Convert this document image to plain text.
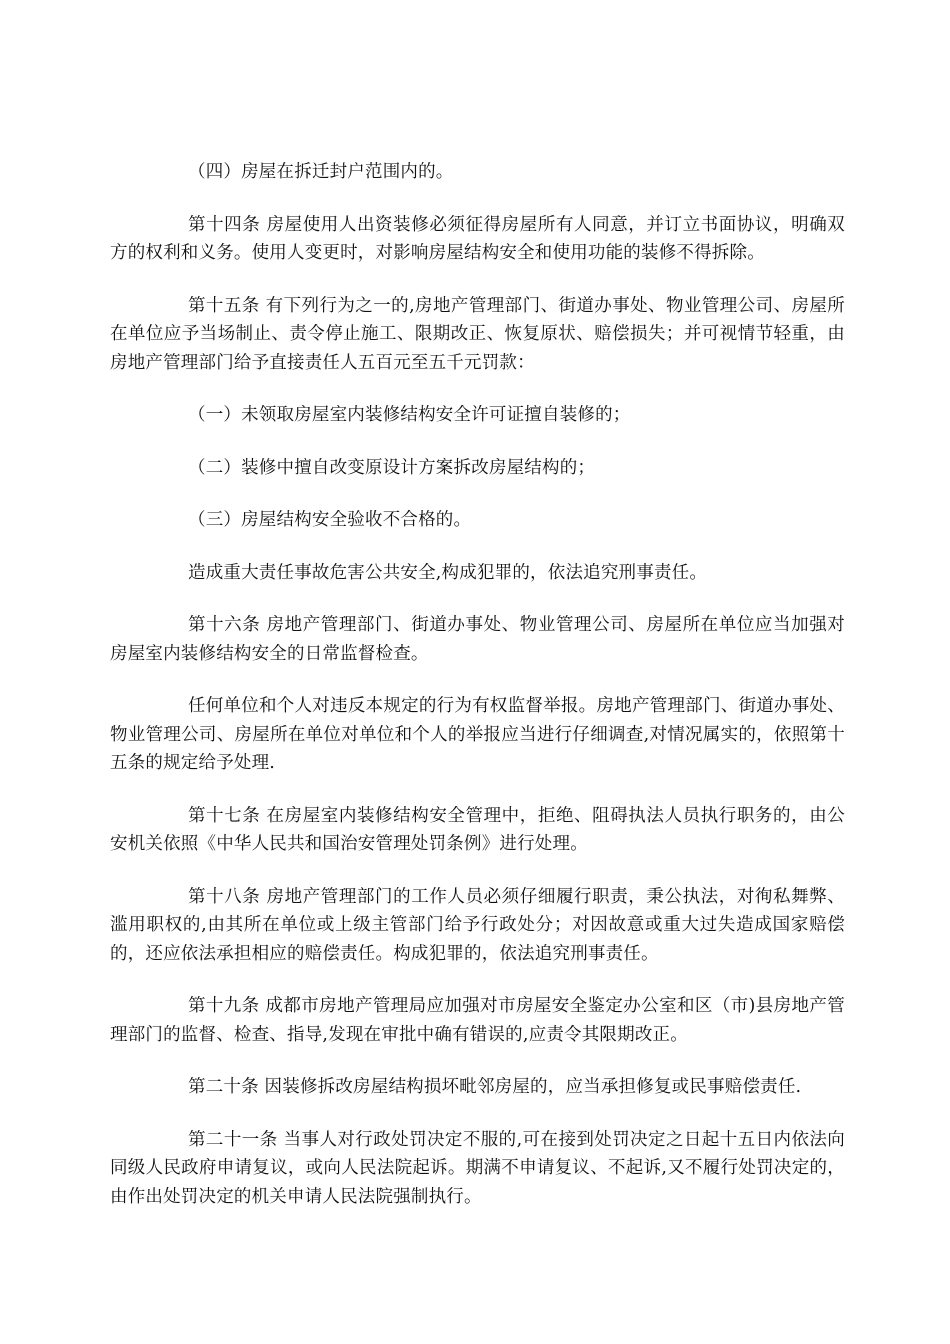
（四）房屋在拆迁封户范围内的。

第十四条 房屋使用人出资装修必须征得房屋所有人同意，并订立书面协议，明确双方的权利和义务。使用人变更时，对影响房屋结构安全和使用功能的装修不得拆除。

第十五条 有下列行为之一的,房地产管理部门、街道办事处、物业管理公司、房屋所在单位应予当场制止、责令停止施工、限期改正、恢复原状、赔偿损失；并可视情节轻重，由房地产管理部门给予直接责任人五百元至五千元罚款：

（一）未领取房屋室内装修结构安全许可证擅自装修的；

（二）装修中擅自改变原设计方案拆改房屋结构的；

（三）房屋结构安全验收不合格的。

造成重大责任事故危害公共安全,构成犯罪的，依法追究刑事责任。

第十六条 房地产管理部门、街道办事处、物业管理公司、房屋所在单位应当加强对房屋室内装修结构安全的日常监督检查。

任何单位和个人对违反本规定的行为有权监督举报。房地产管理部门、街道办事处、物业管理公司、房屋所在单位对单位和个人的举报应当进行仔细调查,对情况属实的，依照第十五条的规定给予处理.

第十七条 在房屋室内装修结构安全管理中，拒绝、阻碍执法人员执行职务的，由公安机关依照《中华人民共和国治安管理处罚条例》进行处理。

第十八条 房地产管理部门的工作人员必须仔细履行职责，秉公执法，对徇私舞弊、滥用职权的,由其所在单位或上级主管部门给予行政处分；对因故意或重大过失造成国家赔偿的，还应依法承担相应的赔偿责任。构成犯罪的，依法追究刑事责任。

第十九条 成都市房地产管理局应加强对市房屋安全鉴定办公室和区（市)县房地产管理部门的监督、检查、指导,发现在审批中确有错误的,应责令其限期改正。

第二十条 因装修拆改房屋结构损坏毗邻房屋的，应当承担修复或民事赔偿责任.

第二十一条 当事人对行政处罚决定不服的,可在接到处罚决定之日起十五日内依法向同级人民政府申请复议，或向人民法院起诉。期满不申请复议、不起诉,又不履行处罚决定的，由作出处罚决定的机关申请人民法院强制执行。
